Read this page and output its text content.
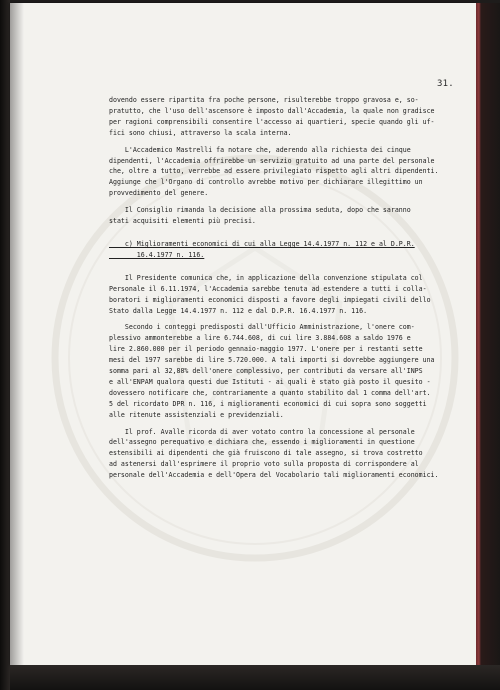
31.
dovendo essere ripartita fra poche persone, risulterebbe troppo gravosa e, so-
pratutto, che l'uso dell'ascensore è imposto dall'Accademia, la quale non gradisce
per ragioni comprensibili consentire l'accesso ai quartieri, specie quando gli uf-
fici sono chiusi, attraverso la scala interna.
L'Accademico Mastrelli fa notare che, aderendo alla richiesta dei cinque
dipendenti, l'Accademia offrirebbe un servizio gratuito ad una parte del personale
che, oltre a tutto, verrebbe ad essere privilegiato rispetto agli altri dipendenti.
Aggiunge che l'Organo di controllo avrebbe motivo per dichiarare illegittimo un
provvedimento del genere.
Il Consiglio rimanda la decisione alla prossima seduta, dopo che saranno
stati acquisiti elementi più precisi.
c) Miglioramenti economici di cui alla Legge 14.4.1977 n. 112 e al D.P.R.
16.4.1977 n. 116.
Il Presidente comunica che, in applicazione della convenzione stipulata col
Personale il 6.11.1974, l'Accademia sarebbe tenuta ad estendere a tutti i colla-
boratori i miglioramenti economici disposti a favore degli impiegati civili dello
Stato dalla Legge 14.4.1977 n. 112 e dal D.P.R. 16.4.1977 n. 116.
Secondo i conteggi predisposti dall'Ufficio Amministrazione, l'onere com-
plessivo ammonterebbe a lire 6.744.608, di cui lire 3.884.608 a saldo 1976 e
lire 2.860.000 per il periodo gennaio-maggio 1977. L'onere per i restanti sette
mesi del 1977 sarebbe di lire 5.720.000. A tali importi si dovrebbe aggiungere una
somma pari al 32,88% dell'onere complessivo, per contributi da versare all'INPS
e all'ENPAM qualora questi due Istituti - ai quali è stato già posto il quesito -
dovessero notificare che, contrariamente a quanto stabilito dal 1 comma dell'art.
5 del ricordato DPR n. 116, i miglioramenti economici di cui sopra sono soggetti
alle ritenute assistenziali e previdenziali.
Il prof. Avalle ricorda di aver votato contro la concessione al personale
dell'assegno perequativo e dichiara che, essendo i miglioramenti in questione
estensibili ai dipendenti che già fruiscono di tale assegno, si trova costretto
ad astenersi dall'esprimere il proprio voto sulla proposta di corrispondere al
personale dell'Accademia e dell'Opera del Vocabolario tali miglioramenti economici.
